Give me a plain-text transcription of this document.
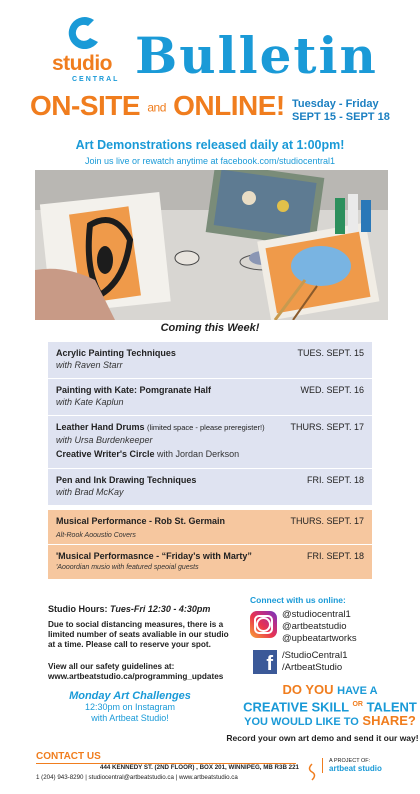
studio
CENTRAL Bulletin
ON-SITE and ONLINE! Tuesday - Friday
SEPT 15 - SEPT 18
Art Demonstrations released daily at 1:00pm!
Join us live or rewatch anytime at facebook.com/studiocentral1
Coming this Week!
Acrylic Painting Techniques
with Raven Starr
TUES. SEPT. 15
Painting with Kate: Pomgranate Half
with Kate Kaplun
WED. SEPT. 16
Leather Hand Drums (limited space - please preregister!)
with Ursa Burdenkeeper
THURS. SEPT. 17
Creative Writer's Circle with Jordan Derkson
Pen and Ink Drawing Techniques
with Brad McKay
FRI. SEPT. 18
Musical Performance - Rob St. Germain
Alt-Rook Aooustio Covers
THURS. SEPT. 17
'Musical Performasnce - “Friday's with Marty”
'Aooordian musio with featured speoial guests
FRI. SEPT. 18
Studio Hours: Tues-Fri 12:30 - 4:30pm
Due to social distancing measures, there is a limited number of seats avaliable in our studio at a time. Please call to reserve your spot.
View all our safety guidelines at: www.artbeatstudio.ca/programming_updates
Monday Art Challenges
12:30pm on Instagram
with Artbeat Studio!
Connect with us online:
@studiocentral1
@artbeatstudio
@upbeatartworks
f /StudioCentral1
/ArtbeatStudio
DO YOU HAVE A
CREATIVE SKILL $^{OR}$ TALENT
YOU WOULD LIKE TO SHARE?
Record your own art demo and send it our way!
CONTACT US
444 KENNEDY ST. (2ND FLOOR) , BOX 201, WINNIPEG, MB R3B 221
1 (204) 943-8290 | studiocentral@artbeatstudio.ca | www.artbeatstudio.ca
A PROJECT OF:
artbeat studio
